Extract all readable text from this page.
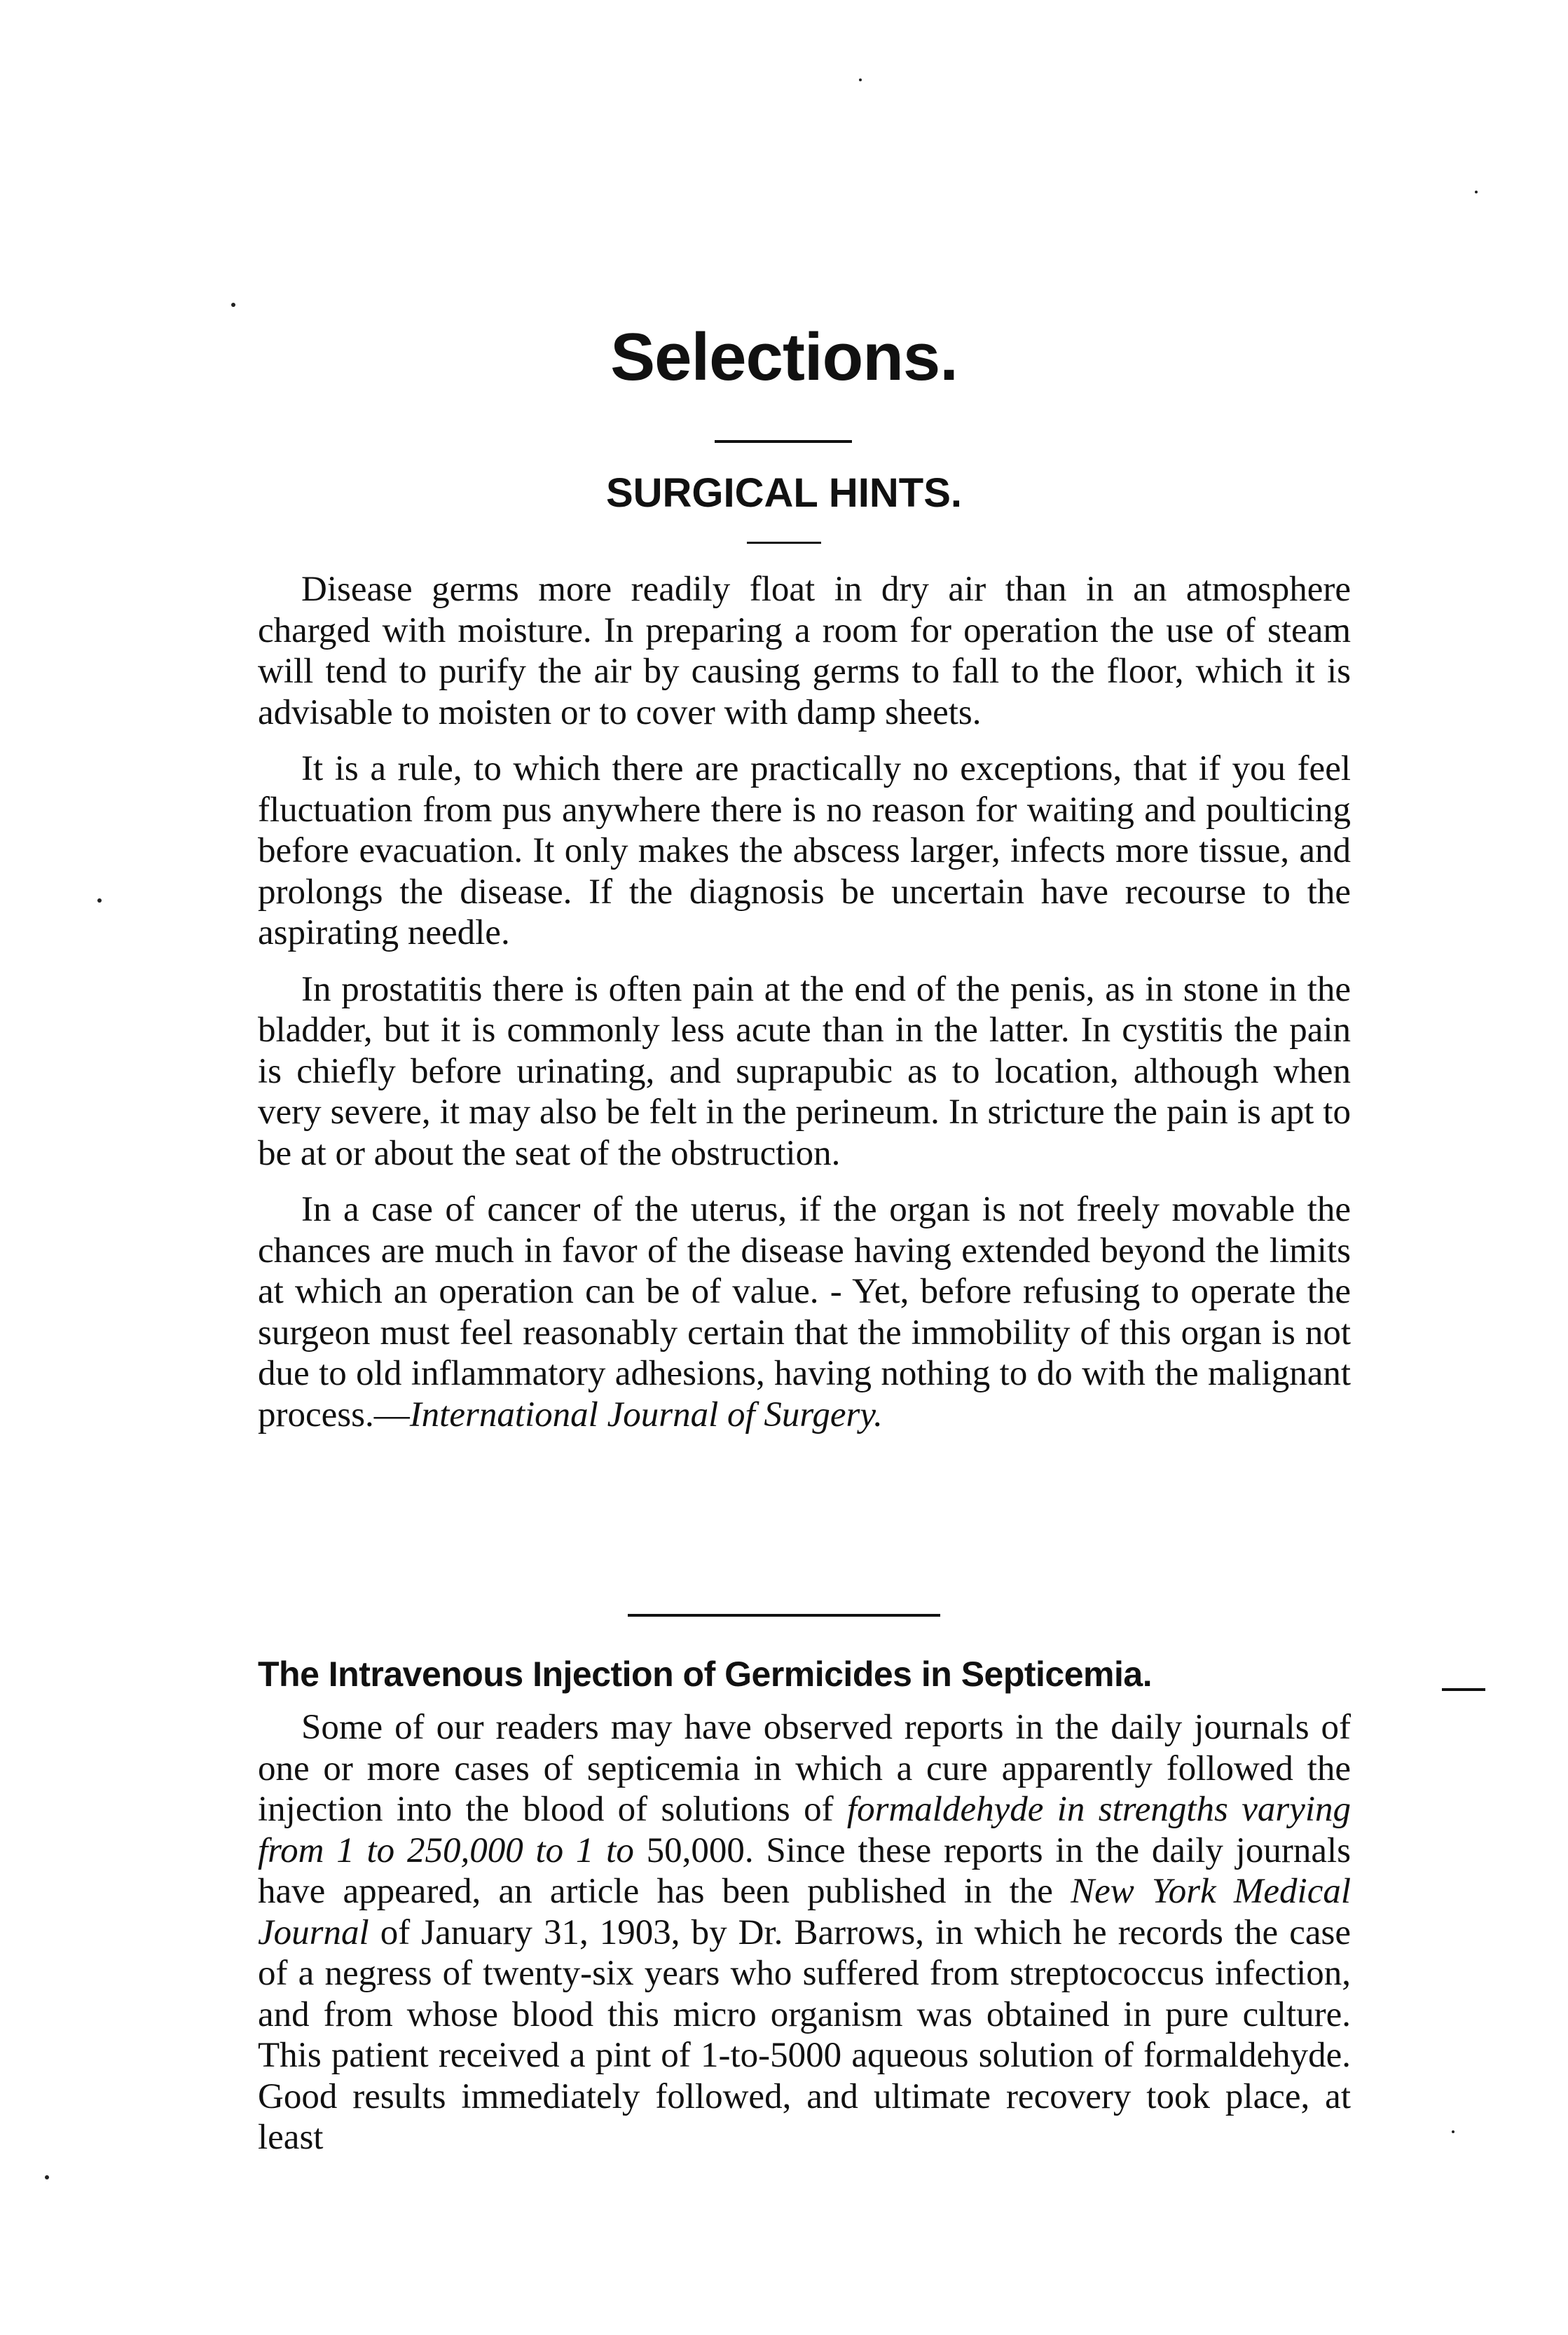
Selections.
SURGICAL HINTS.

Disease germs more readily float in dry air than in an atmosphere charged with moisture. In preparing a room for operation the use of steam will tend to purify the air by causing germs to fall to the floor, which it is advisable to moisten or to cover with damp sheets.

It is a rule, to which there are practically no exceptions, that if you feel fluctuation from pus anywhere there is no reason for waiting and poulticing before evacuation. It only makes the abscess larger, infects more tissue, and prolongs the disease. If the diagnosis be uncertain have recourse to the aspirating needle.

In prostatitis there is often pain at the end of the penis, as in stone in the bladder, but it is commonly less acute than in the latter. In cystitis the pain is chiefly before urinating, and suprapubic as to location, although when very severe, it may also be felt in the perineum. In stricture the pain is apt to be at or about the seat of the obstruction.

In a case of cancer of the uterus, if the organ is not freely movable the chances are much in favor of the disease having extended beyond the limits at which an operation can be of value. - Yet, before refusing to operate the surgeon must feel reasonably certain that the immobility of this organ is not due to old inflammatory adhesions, having nothing to do with the malignant process.—International Journal of Surgery.

The Intravenous Injection of Germicides in Septicemia.

Some of our readers may have observed reports in the daily journals of one or more cases of septicemia in which a cure apparently followed the injection into the blood of solutions of formaldehyde in strengths varying from 1 to 250,000 to 1 to 50,000. Since these reports in the daily journals have appeared, an article has been published in the New York Medical Journal of January 31, 1903, by Dr. Barrows, in which he records the case of a negress of twenty-six years who suffered from streptococcus infection, and from whose blood this micro organism was obtained in pure culture. This patient received a pint of 1-to-5000 aqueous solution of formaldehyde. Good results immediately followed, and ultimate recovery took place, at least
